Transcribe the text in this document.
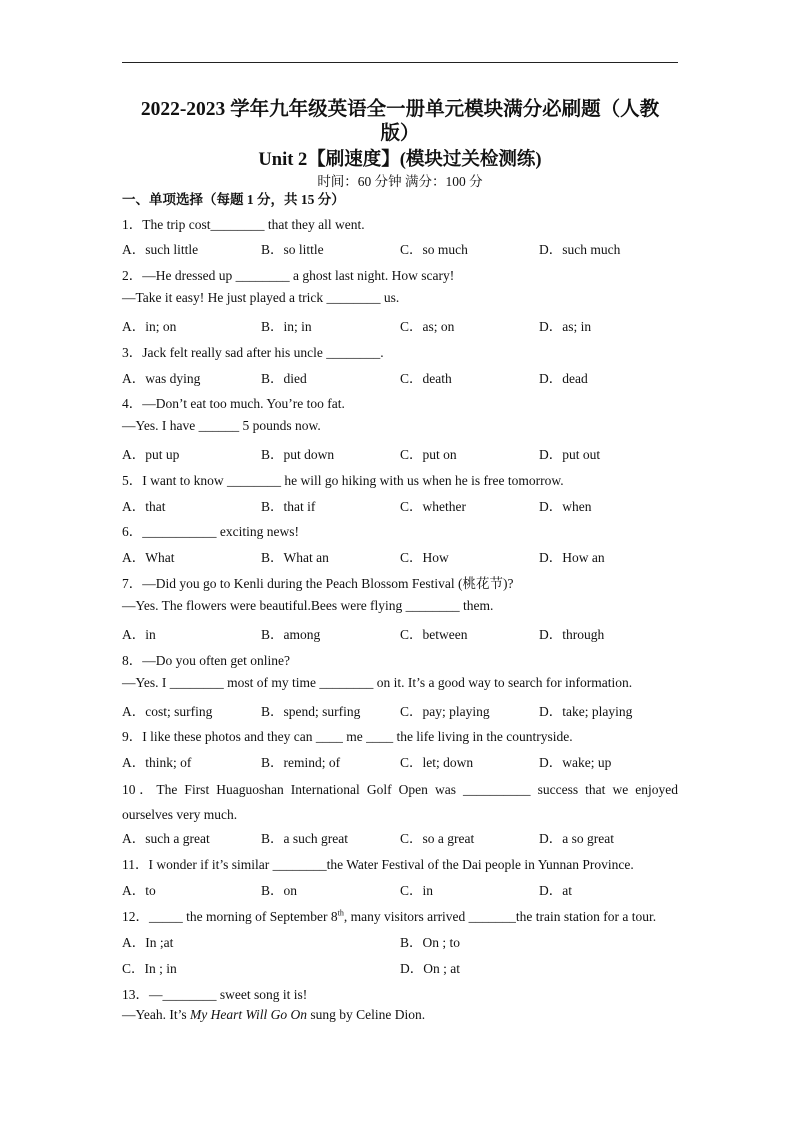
2022-2023 学年九年级英语全一册单元模块满分必刷题（人教
版）
Unit 2【刷速度】(模块过关检测练)
时间：60 分钟 满分：100 分
一、单项选择（每题 1 分，共 15 分）
1．The trip cost________ that they all went.
A．such little	B．so little	C．so much	D．such much
2．—He dressed up ________ a ghost last night. How scary!
—Take it easy! He just played a trick ________ us.
A．in; on	B．in; in	C．as; on	D．as; in
3．Jack felt really sad after his uncle ________.
A．was dying	B．died	C．death	D．dead
4．—Don’t eat too much. You’re too fat.
—Yes. I have ______ 5 pounds now.
A．put up	B．put down	C．put on	D．put out
5．I want to know ________ he will go hiking with us when he is free tomorrow.
A．that	B．that if	C．whether	D．when
6．___________ exciting news!
A．What	B．What an	C．How	D．How an
7．—Did you go to Kenli during the Peach Blossom Festival (桃花节)?
—Yes. The flowers were beautiful.Bees were flying ________ them.
A．in	B．among	C．between	D．through
8．—Do you often get online?
—Yes. I ________ most of my time ________ on it. It’s a good way to search for information.
A．cost; surfing	B．spend; surfing	C．pay; playing	D．take; playing
9．I like these photos and they can ____ me ____ the life living in the countryside.
A．think; of	B．remind; of	C．let; down	D．wake; up
10．The First Huaguoshan International Golf Open was __________ success that we enjoyed ourselves very much.
A．such a great	B．a such great	C．so a great	D．a so great
11．I wonder if it’s similar ________the Water Festival of the Dai people in Yunnan Province.
A．to	B．on	C．in	D．at
12．_____ the morning of September 8th, many visitors arrived _______the train station for a tour.
A．In ;at	B．On ; to
C．In ; in	D．On ; at
13．—________ sweet song it is!
—Yeah. It’s My Heart Will Go On sung by Celine Dion.
